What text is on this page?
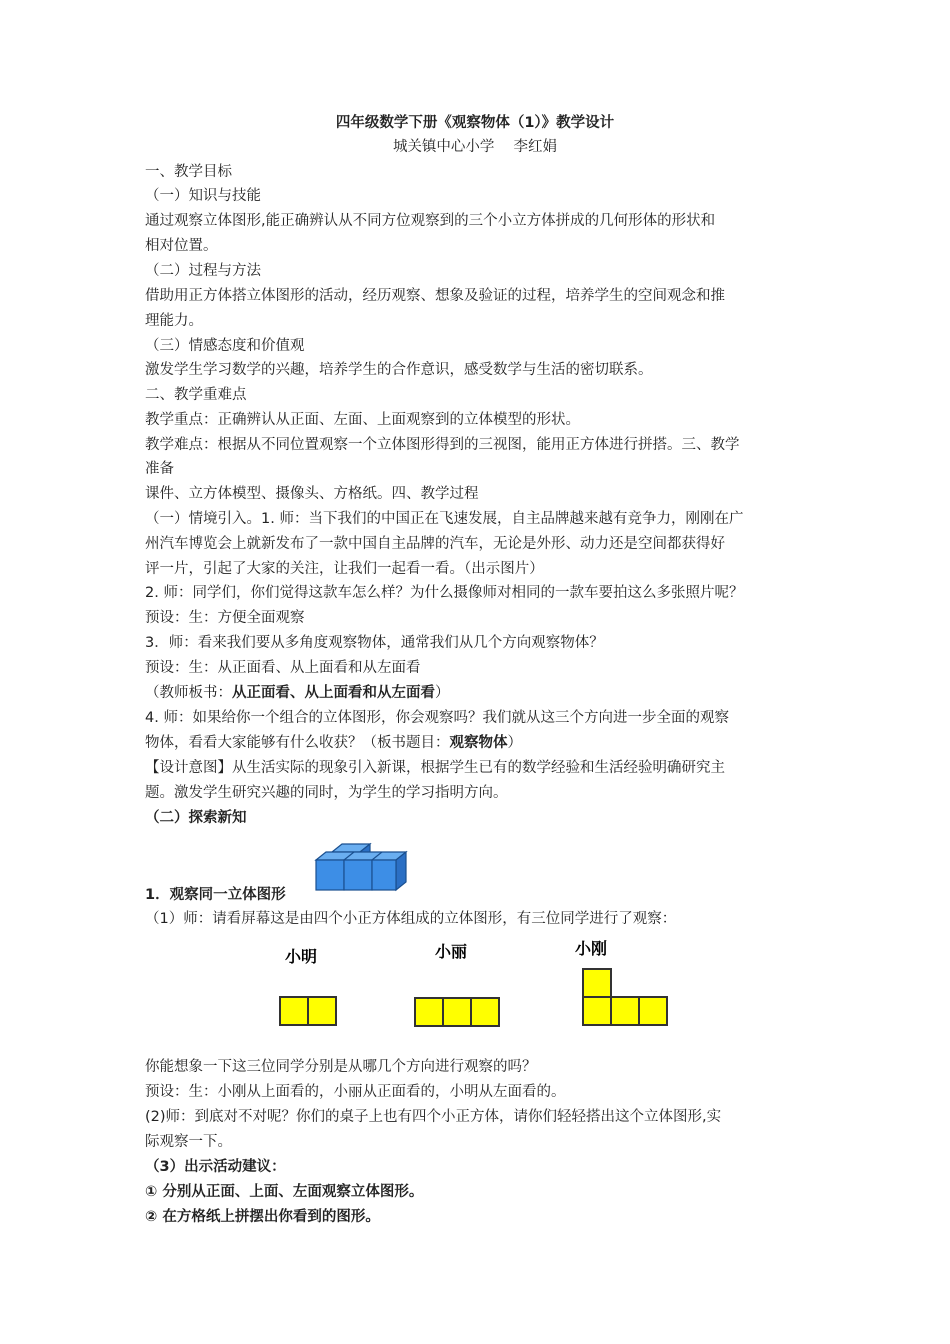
四年级数学下册《观察物体（1）》教学设计
城关镇中心小学　 李红娟
一、教学目标
（一）知识与技能
通过观察立体图形,能正确辨认从不同方位观察到的三个小立方体拼成的几何形体的形状和
相对位置。
（二）过程与方法
借助用正方体搭立体图形的活动，经历观察、想象及验证的过程，培养学生的空间观念和推
理能力。
（三）情感态度和价值观
激发学生学习数学的兴趣，培养学生的合作意识，感受数学与生活的密切联系。
二、教学重难点
教学重点：正确辨认从正面、左面、上面观察到的立体模型的形状。
教学难点：根据从不同位置观察一个立体图形得到的三视图，能用正方体进行拼搭。三、教学
准备
课件、立方体模型、摄像头、方格纸。四、教学过程
（一）情境引入。1. 师：当下我们的中国正在飞速发展，自主品牌越来越有竞争力，刚刚在广
州汽车博览会上就新发布了一款中国自主品牌的汽车，无论是外形、动力还是空间都获得好
评一片，引起了大家的关注，让我们一起看一看。（出示图片）
2. 师：同学们，你们觉得这款车怎么样？为什么摄像师对相同的一款车要拍这么多张照片呢？
预设：生：方便全面观察
3．师：看来我们要从多角度观察物体，通常我们从几个方向观察物体？
预设：生：从正面看、从上面看和从左面看
（教师板书：从正面看、从上面看和从左面看）
4. 师：如果给你一个组合的立体图形，你会观察吗？我们就从这三个方向进一步全面的观察
物体，看看大家能够有什么收获？（板书题目：观察物体）
【设计意图】从生活实际的现象引入新课，根据学生已有的数学经验和生活经验明确研究主
题。激发学生研究兴趣的同时，为学生的学习指明方向。
（二）探索新知
1．观察同一立体图形
（1）师：请看屏幕这是由四个小正方体组成的立体图形，有三位同学进行了观察：
小明	小丽	小刚
你能想象一下这三位同学分别是从哪几个方向进行观察的吗？
预设：生：小刚从上面看的，小丽从正面看的，小明从左面看的。
(2)师：到底对不对呢？你们的桌子上也有四个小正方体，请你们轻轻搭出这个立体图形,实
际观察一下。
（3）出示活动建议：
① 分别从正面、上面、左面观察立体图形。
② 在方格纸上拼摆出你看到的图形。
